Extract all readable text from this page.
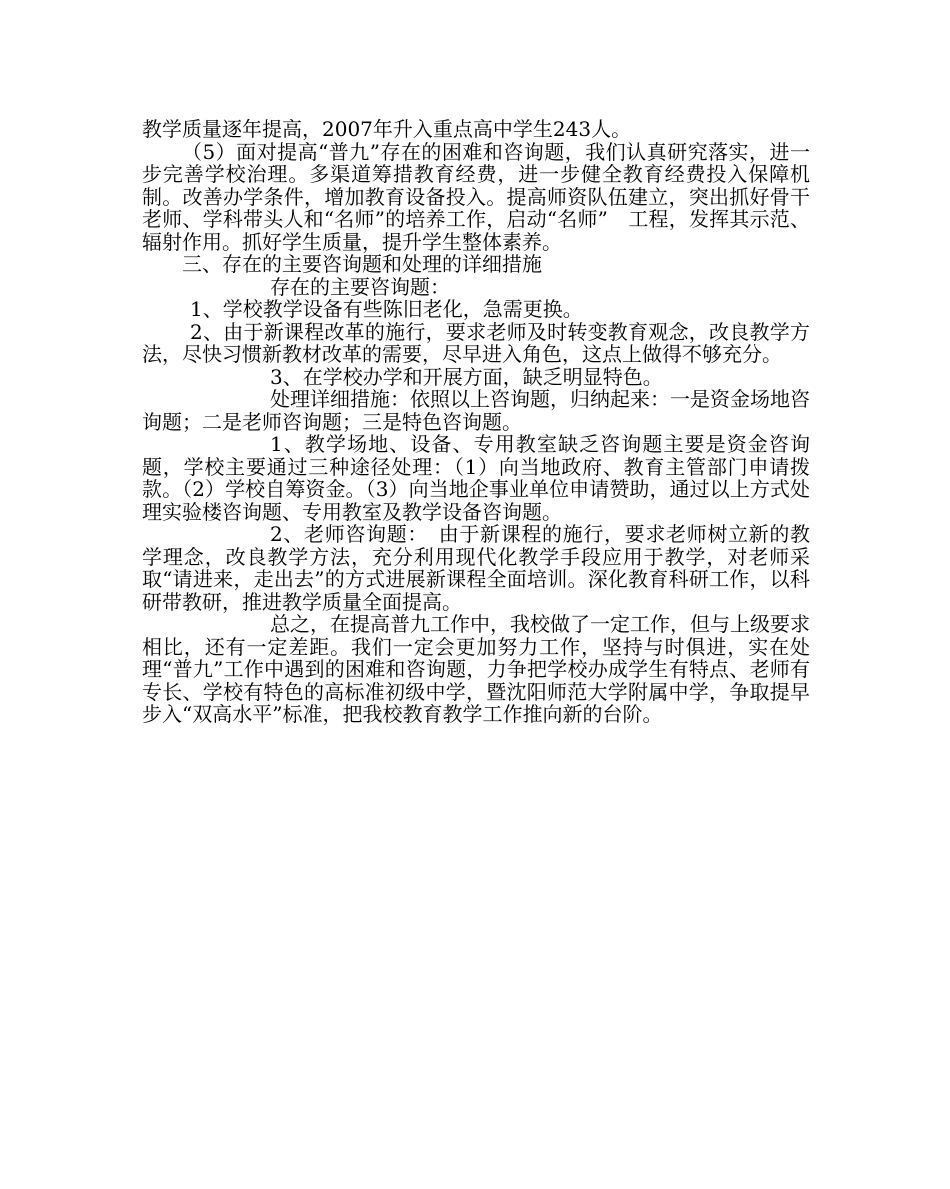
教学质量逐年提高，2007年升入重点高中学生243人。

（5）面对提高“普九”存在的困难和咨询题，我们认真研究落实，进一步完善学校治理。多渠道筹措教育经费，进一步健全教育经费投入保障机制。改善办学条件，增加教育设备投入。提高师资队伍建立，突出抓好骨干老师、学科带头人和“名师”的培养工作，启动“名师”　工程，发挥其示范、辐射作用。抓好学生质量，提升学生整体素养。

三、存在的主要咨询题和处理的详细措施

存在的主要咨询题：

1、学校教学设备有些陈旧老化，急需更换。

2、由于新课程改革的施行，要求老师及时转变教育观念，改良教学方法，尽快习惯新教材改革的需要，尽早进入角色，这点上做得不够充分。

3、在学校办学和开展方面，缺乏明显特色。

处理详细措施：依照以上咨询题，归纳起来：一是资金场地咨询题；二是老师咨询题；三是特色咨询题。

1、教学场地、设备、专用教室缺乏咨询题主要是资金咨询题，学校主要通过三种途径处理：（1）向当地政府、教育主管部门申请拨款。（2）学校自筹资金。（3）向当地企事业单位申请赞助，通过以上方式处理实验楼咨询题、专用教室及教学设备咨询题。

2、老师咨询题：　由于新课程的施行，要求老师树立新的教学理念，改良教学方法，充分利用现代化教学手段应用于教学，对老师采取“请进来，走出去”的方式进展新课程全面培训。深化教育科研工作，以科研带教研，推进教学质量全面提高。

总之，在提高普九工作中，我校做了一定工作，但与上级要求相比，还有一定差距。我们一定会更加努力工作，坚持与时俱进，实在处理“普九”工作中遇到的困难和咨询题，力争把学校办成学生有特点、老师有专长、学校有特色的高标准初级中学，暨沈阳师范大学附属中学，争取提早步入“双高水平”标准，把我校教育教学工作推向新的台阶。
